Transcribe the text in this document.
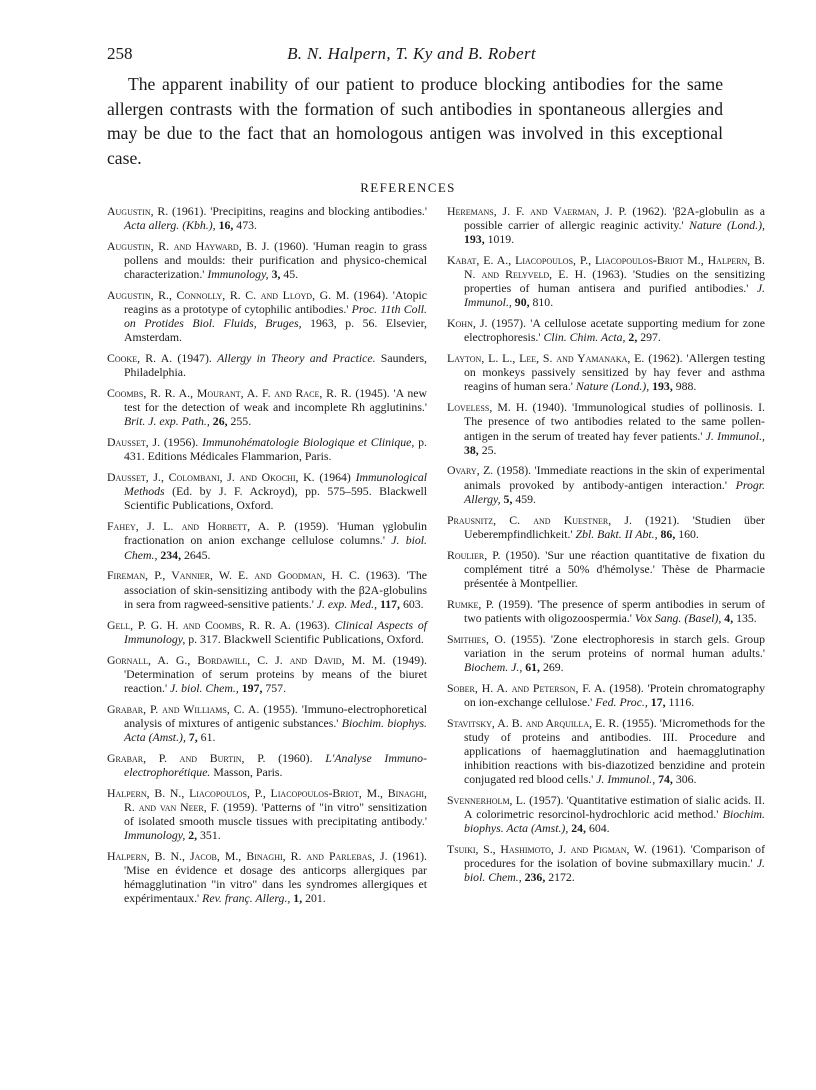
258	B. N. Halpern, T. Ky and B. Robert

The apparent inability of our patient to produce blocking antibodies for the same allergen contrasts with the formation of such antibodies in spontaneous allergies and may be due to the fact that an homologous antigen was involved in this exceptional case.

REFERENCES

Augustin, R. (1961). 'Precipitins, reagins and blocking antibodies.' Acta allerg. (Kbh.), 16, 473.

Augustin, R. and Hayward, B. J. (1960). 'Human reagin to grass pollens and moulds: their purification and physico-chemical characterization.' Immunology, 3, 45.

Augustin, R., Connolly, R. C. and Lloyd, G. M. (1964). 'Atopic reagins as a prototype of cytophilic antibodies.' Proc. 11th Coll. on Protides Biol. Fluids, Bruges, 1963, p. 56. Elsevier, Amsterdam.

Cooke, R. A. (1947). Allergy in Theory and Practice. Saunders, Philadelphia.

Coombs, R. R. A., Mourant, A. F. and Race, R. R. (1945). 'A new test for the detection of weak and incomplete Rh agglutinins.' Brit. J. exp. Path., 26, 255.

Dausset, J. (1956). Immunohématologie Biologique et Clinique, p. 431. Editions Médicales Flammarion, Paris.

Dausset, J., Colombani, J. and Okochi, K. (1964) Immunological Methods (Ed. by J. F. Ackroyd), pp. 575–595. Blackwell Scientific Publications, Oxford.

Fahey, J. L. and Horbett, A. P. (1959). 'Human γglobulin fractionation on anion exchange cellulose columns.' J. biol. Chem., 234, 2645.

Fireman, P., Vannier, W. E. and Goodman, H. C. (1963). 'The association of skin-sensitizing antibody with the β2A-globulins in sera from ragweed-sensitive patients.' J. exp. Med., 117, 603.

Gell, P. G. H. and Coombs, R. R. A. (1963). Clinical Aspects of Immunology, p. 317. Blackwell Scientific Publications, Oxford.

Gornall, A. G., Bordawill, C. J. and David, M. M. (1949). 'Determination of serum proteins by means of the biuret reaction.' J. biol. Chem., 197, 757.

Grabar, P. and Williams, C. A. (1955). 'Immuno-electrophoretical analysis of mixtures of antigenic substances.' Biochim. biophys. Acta (Amst.), 7, 61.

Grabar, P. and Burtin, P. (1960). L'Analyse Immuno-electrophorétique. Masson, Paris.

Halpern, B. N., Liacopoulos, P., Liacopoulos-Briot, M., Binaghi, R. and van Neer, F. (1959). 'Patterns of "in vitro" sensitization of isolated smooth muscle tissues with precipitating antibody.' Immunology, 2, 351.

Halpern, B. N., Jacob, M., Binaghi, R. and Parlebas, J. (1961). 'Mise en évidence et dosage des anticorps allergiques par hémagglutination "in vitro" dans les syndromes allergiques et expérimentaux.' Rev. franç. Allerg., 1, 201.

Heremans, J. F. and Vaerman, J. P. (1962). 'β2A-globulin as a possible carrier of allergic reaginic activity.' Nature (Lond.), 193, 1019.

Kabat, E. A., Liacopoulos, P., Liacopoulos-Briot M., Halpern, B. N. and Relyveld, E. H. (1963). 'Studies on the sensitizing properties of human antisera and purified antibodies.' J. Immunol., 90, 810.

Kohn, J. (1957). 'A cellulose acetate supporting medium for zone electrophoresis.' Clin. Chim. Acta, 2, 297.

Layton, L. L., Lee, S. and Yamanaka, E. (1962). 'Allergen testing on monkeys passively sensitized by hay fever and asthma reagins of human sera.' Nature (Lond.), 193, 988.

Loveless, M. H. (1940). 'Immunological studies of pollinosis. I. The presence of two antibodies related to the same pollen-antigen in the serum of treated hay fever patients.' J. Immunol., 38, 25.

Ovary, Z. (1958). 'Immediate reactions in the skin of experimental animals provoked by antibody-antigen interaction.' Progr. Allergy, 5, 459.

Prausnitz, C. and Kuestner, J. (1921). 'Studien über Ueberempfindlichkeit.' Zbl. Bakt. II Abt., 86, 160.

Roulier, P. (1950). 'Sur une réaction quantitative de fixation du complément titré a 50% d'hémolyse.' Thèse de Pharmacie présentée à Montpellier.

Rumke, P. (1959). 'The presence of sperm antibodies in serum of two patients with oligozoospermia.' Vox Sang. (Basel), 4, 135.

Smithies, O. (1955). 'Zone electrophoresis in starch gels. Group variation in the serum proteins of normal human adults.' Biochem. J., 61, 269.

Sober, H. A. and Peterson, F. A. (1958). 'Protein chromatography on ion-exchange cellulose.' Fed. Proc., 17, 1116.

Stavitsky, A. B. and Arquilla, E. R. (1955). 'Micromethods for the study of proteins and antibodies. III. Procedure and applications of haemagglutination and haemagglutination inhibition reactions with bis-diazotized benzidine and protein conjugated red blood cells.' J. Immunol., 74, 306.

Svennerholm, L. (1957). 'Quantitative estimation of sialic acids. II. A colorimetric resorcinol-hydrochloric acid method.' Biochim. biophys. Acta (Amst.), 24, 604.

Tsuiki, S., Hashimoto, J. and Pigman, W. (1961). 'Comparison of procedures for the isolation of bovine submaxillary mucin.' J. biol. Chem., 236, 2172.
